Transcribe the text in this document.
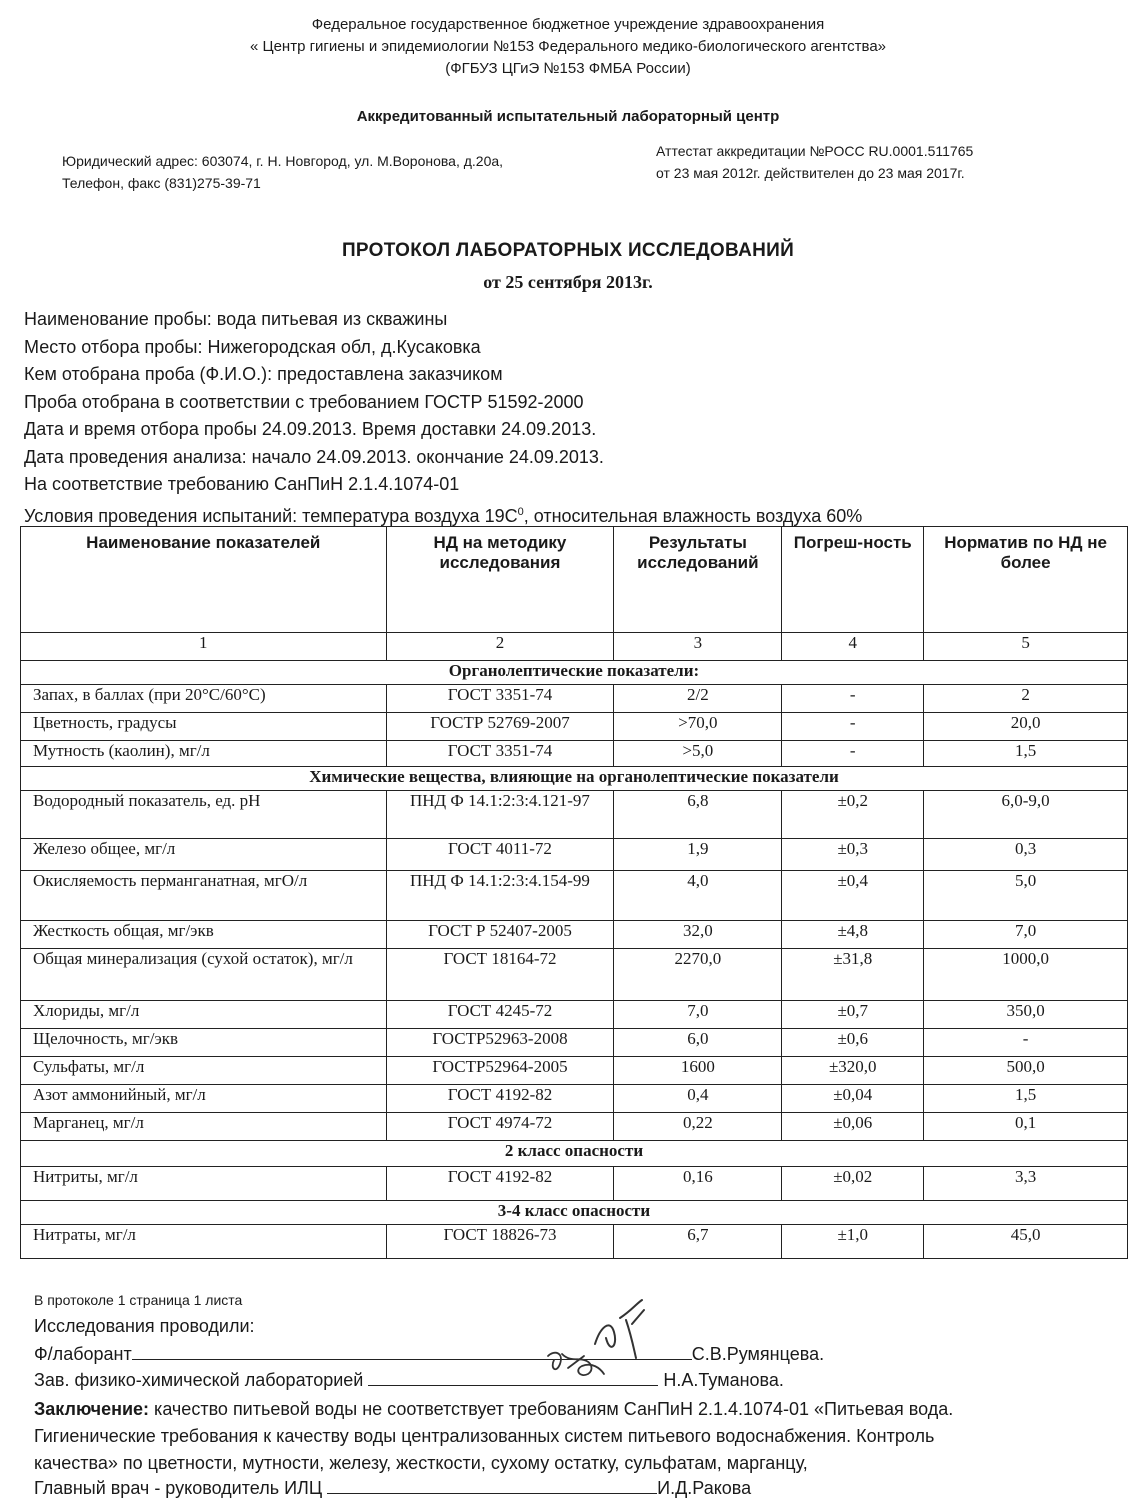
Федеральное государственное бюджетное учреждение здравоохранения
« Центр гигиены и эпидемиологии №153 Федерального медико-биологического агентства»
(ФГБУЗ ЦГиЭ №153 ФМБА России)
Аккредитованный испытательный лабораторный центр
Юридический адрес: 603074, г. Н. Новгород, ул. М.Воронова, д.20а,
Телефон, факс (831)275-39-71
Аттестат аккредитации №РОСС RU.0001.511765
от 23 мая 2012г. действителен до 23 мая 2017г.
ПРОТОКОЛ ЛАБОРАТОРНЫХ ИССЛЕДОВАНИЙ
от 25 сентября 2013г.
Наименование пробы: вода питьевая из скважины
Место отбора пробы: Нижегородская обл, д.Кусаковка
Кем отобрана проба (Ф.И.О.): предоставлена заказчиком
Проба отобрана в соответствии с требованием ГОСТР 51592-2000
Дата и время отбора пробы 24.09.2013. Время доставки 24.09.2013.
Дата проведения анализа: начало 24.09.2013. окончание 24.09.2013.
На соответствие требованию СанПиН 2.1.4.1074-01
Условия проведения испытаний: температура воздуха $19С^0$, относительная влажность воздуха 60%
Наименование показателей	НД на методику исследования	Результаты исследований	Погреш-ность	Норматив по НД не более
1	2	3	4	5
Органолептические показатели:				
Запах, в баллах (при 20°С/60°С)	ГОСТ 3351-74	2/2	-	2
Цветность, градусы	ГОСТР 52769-2007	>70,0	-	20,0
Мутность (каолин), мг/л	ГОСТ 3351-74	>5,0	-	1,5
Химические вещества, влияющие на органолептические показатели				
Водородный показатель, ед. pH	ПНД Ф 14.1:2:3:4.121-97	6,8	±0,2	6,0-9,0
Железо общее, мг/л	ГОСТ 4011-72	1,9	±0,3	0,3
Окисляемость перманганатная, мгО/л	ПНД Ф 14.1:2:3:4.154-99	4,0	±0,4	5,0
Жесткость общая, мг/экв	ГОСТ Р 52407-2005	32,0	±4,8	7,0
Общая минерализация (сухой остаток), мг/л	ГОСТ 18164-72	2270,0	±31,8	1000,0
Хлориды, мг/л	ГОСТ 4245-72	7,0	±0,7	350,0
Щелочность, мг/экв	ГОСТР52963-2008	6,0	±0,6	-
Сульфаты, мг/л	ГОСТР52964-2005	1600	±320,0	500,0
Азот аммонийный, мг/л	ГОСТ 4192-82	0,4	±0,04	1,5
Марганец, мг/л	ГОСТ 4974-72	0,22	±0,06	0,1
2 класс опасности				
Нитриты, мг/л	ГОСТ 4192-82	0,16	±0,02	3,3
3-4 класс опасности				
Нитраты, мг/л	ГОСТ 18826-73	6,7	±1,0	45,0
В протоколе 1 страница 1 листа
Исследования проводили:
Ф/лаборант	С.В.Румянцева.
Зав. физико-химической лабораторией	Н.А.Туманова.
Заключение: качество питьевой воды не соответствует требованиям СанПиН 2.1.4.1074-01 «Питьевая вода.
Гигиенические требования к качеству воды централизованных систем питьевого водоснабжения. Контроль
качества» по цветности, мутности, железу, жесткости, сухому остатку, сульфатам, марганцу,
Главный врач - руководитель ИЛЦ	И.Д.Ракова
